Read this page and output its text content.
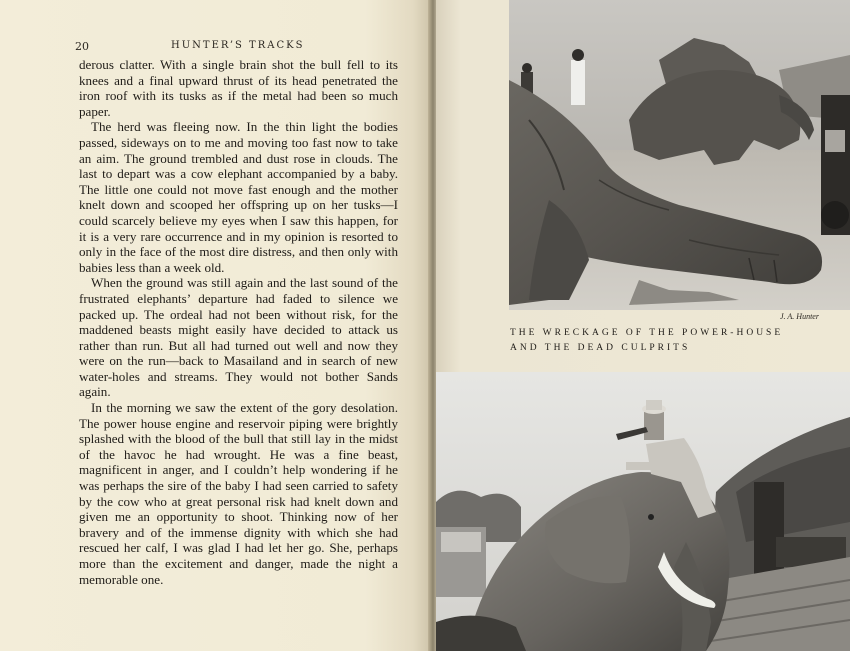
20	HUNTER’S TRACKS

derous clatter. With a single brain shot the bull fell to its knees and a final upward thrust of its head penetrated the iron roof with its tusks as if the metal had been so much paper.

The herd was fleeing now. In the thin light the bodies passed, sideways on to me and moving too fast now to take an aim. The ground trembled and dust rose in clouds. The last to depart was a cow elephant accompanied by a baby. The little one could not move fast enough and the mother knelt down and scooped her offspring up on her tusks—I could scarcely believe my eyes when I saw this happen, for it is a very rare occurrence and in my opinion is resorted to only in the face of the most dire distress, and then only with babies less than a week old.

When the ground was still again and the last sound of the frustrated elephants’ departure had faded to silence we packed up. The ordeal had not been without risk, for the maddened beasts might easily have decided to attack us rather than run. But all had turned out well and now they were on the run—back to Masailand and in search of new water-holes and streams. They would not bother Sands again.

In the morning we saw the extent of the gory desolation. The power house engine and reservoir piping were brightly splashed with the blood of the bull that still lay in the midst of the havoc he had wrought. He was a fine beast, magnificent in anger, and I couldn’t help wondering if he was perhaps the sire of the baby I had seen carried to safety by the cow who at great personal risk had knelt down and given me an opportunity to shoot. Thinking now of her bravery and of the immense dignity with which she had rescued her calf, I was glad I had let her go. She, perhaps more than the excitement and danger, made the night a memorable one.

J. A. Hunter
THE WRECKAGE OF THE POWER-HOUSE
AND THE DEAD CULPRITS
